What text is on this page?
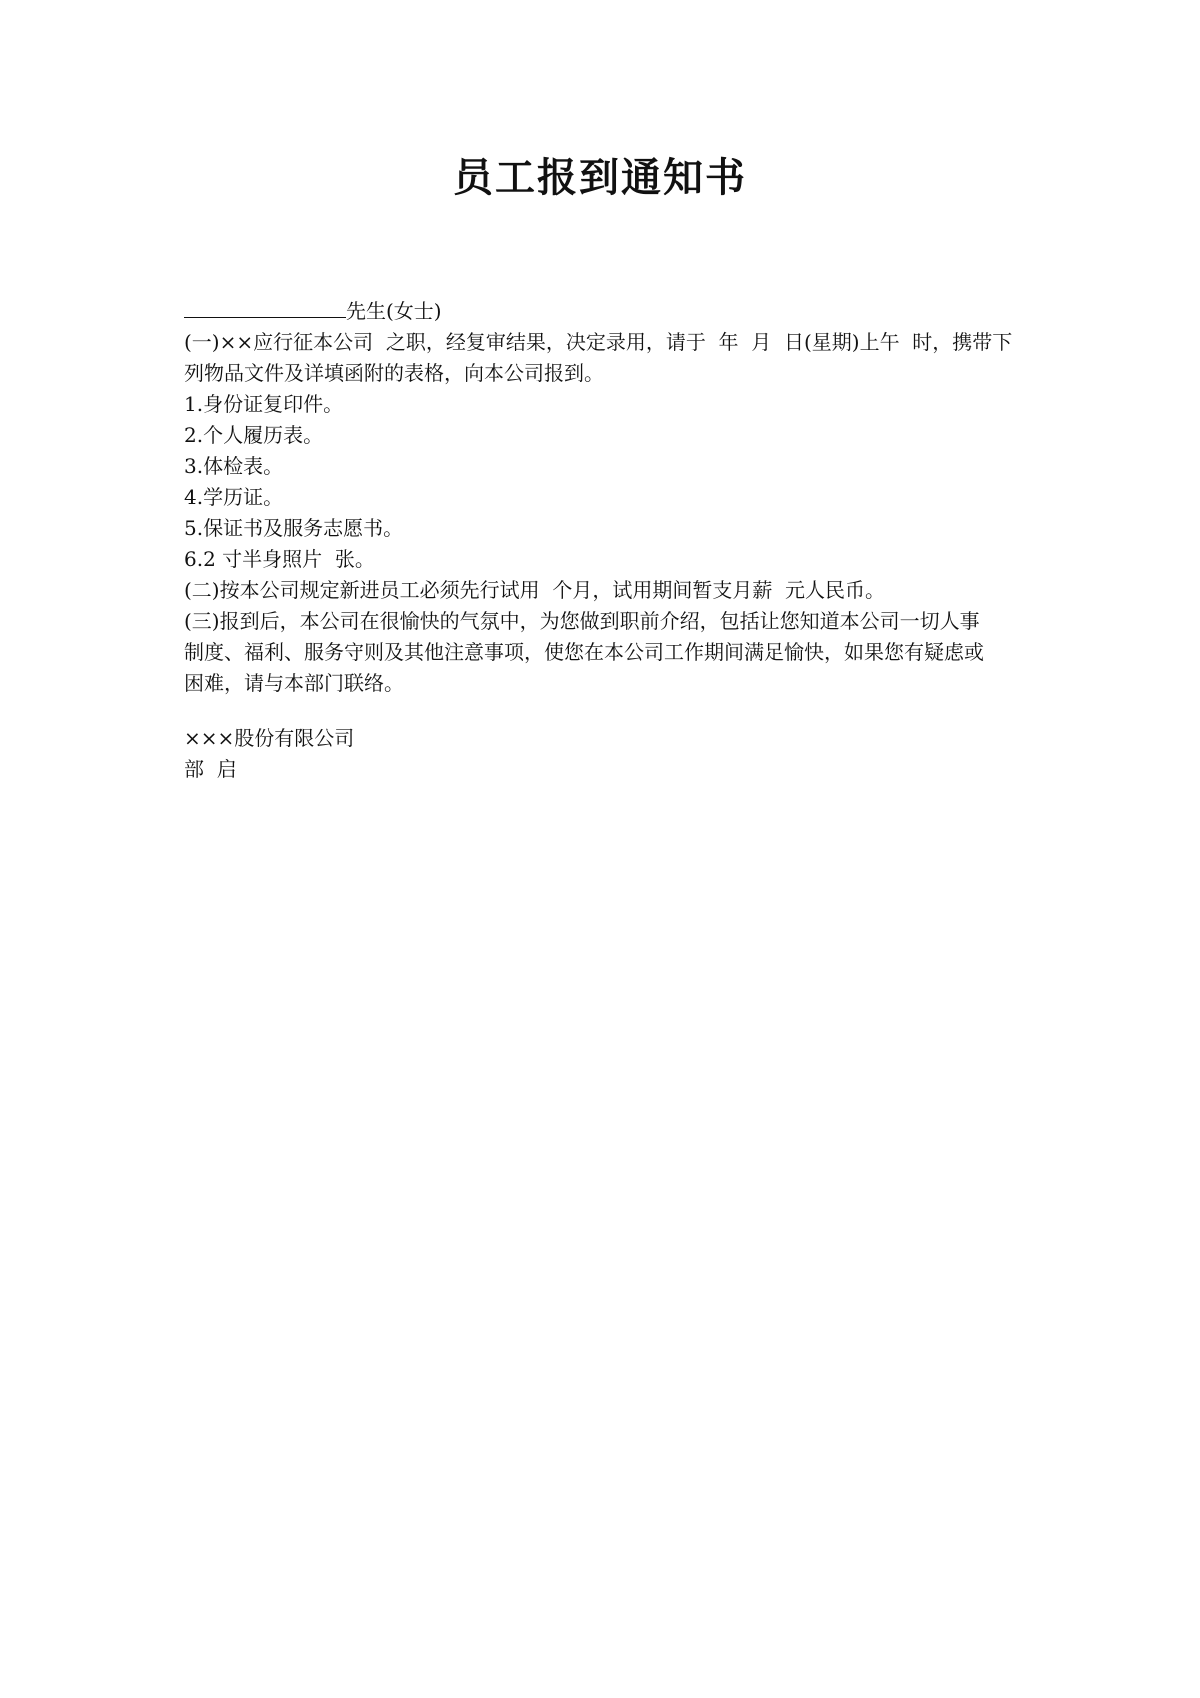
员工报到通知书
先生(女士)
(一)××应行征本公司  之职，经复审结果，决定录用，请于  年  月  日(星期)上午  时，携带下
列物品文件及详填函附的表格，向本公司报到。
1.身份证复印件。
2.个人履历表。
3.体检表。
4.学历证。
5.保证书及服务志愿书。
6.2 寸半身照片  张。
(二)按本公司规定新进员工必须先行试用  个月，试用期间暂支月薪  元人民币。
(三)报到后，本公司在很愉快的气氛中，为您做到职前介绍，包括让您知道本公司一切人事
制度、福利、服务守则及其他注意事项，使您在本公司工作期间满足愉快，如果您有疑虑或
困难，请与本部门联络。
×××股份有限公司
部  启
